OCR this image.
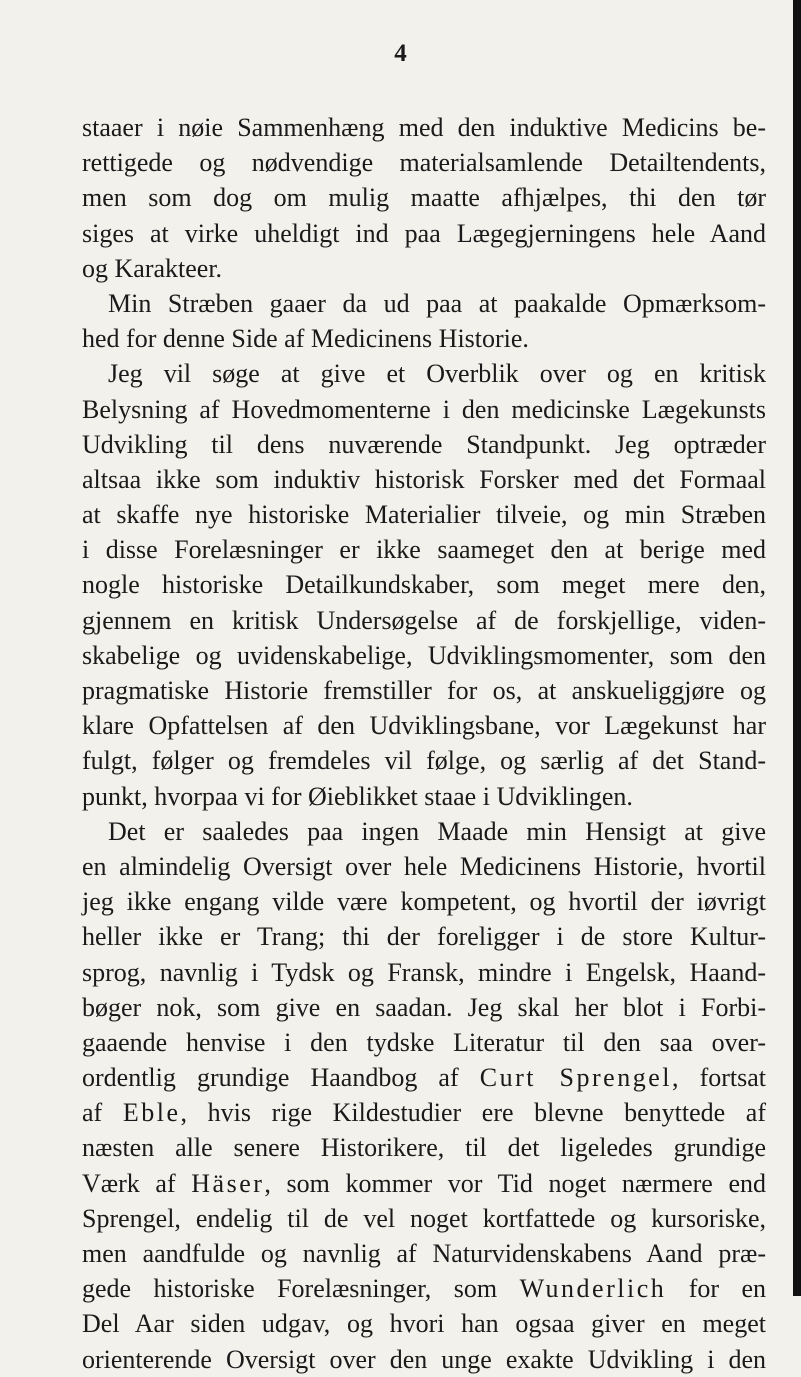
4
staaer i nøie Sammenhæng med den induktive Medicins be-
rettigede og nødvendige materialsamlende Detailtendents,
men som dog om mulig maatte afhjælpes, thi den tør
siges at virke uheldigt ind paa Lægegjerningens hele Aand
og Karakteer.
Min Stræben gaaer da ud paa at paakalde Opmærksom-
hed for denne Side af Medicinens Historie.
Jeg vil søge at give et Overblik over og en kritisk
Belysning af Hovedmomenterne i den medicinske Lægekunsts
Udvikling til dens nuværende Standpunkt. Jeg optræder
altsaa ikke som induktiv historisk Forsker med det Formaal
at skaffe nye historiske Materialier tilveie, og min Stræben
i disse Forelæsninger er ikke saameget den at berige med
nogle historiske Detailkundskaber, som meget mere den,
gjennem en kritisk Undersøgelse af de forskjellige, viden-
skabelige og uvidenskabelige, Udviklingsmomenter, som den
pragmatiske Historie fremstiller for os, at anskueliggjøre og
klare Opfattelsen af den Udviklingsbane, vor Lægekunst har
fulgt, følger og fremdeles vil følge, og særlig af det Stand-
punkt, hvorpaa vi for Øieblikket staae i Udviklingen.
Det er saaledes paa ingen Maade min Hensigt at give
en almindelig Oversigt over hele Medicinens Historie, hvortil
jeg ikke engang vilde være kompetent, og hvortil der iøvrigt
heller ikke er Trang; thi der foreligger i de store Kultur-
sprog, navnlig i Tydsk og Fransk, mindre i Engelsk, Haand-
bøger nok, som give en saadan. Jeg skal her blot i Forbi-
gaaende henvise i den tydske Literatur til den saa over-
ordentlig grundige Haandbog af Curt Sprengel, fortsat
af Eble, hvis rige Kildestudier ere blevne benyttede af
næsten alle senere Historikere, til det ligeledes grundige
Værk af Häser, som kommer vor Tid noget nærmere end
Sprengel, endelig til de vel noget kortfattede og kursoriske,
men aandfulde og navnlig af Naturvidenskabens Aand præ-
gede historiske Forelæsninger, som Wunderlich for en
Del Aar siden udgav, og hvori han ogsaa giver en meget
orienterende Oversigt over den unge exakte Udvikling i den
